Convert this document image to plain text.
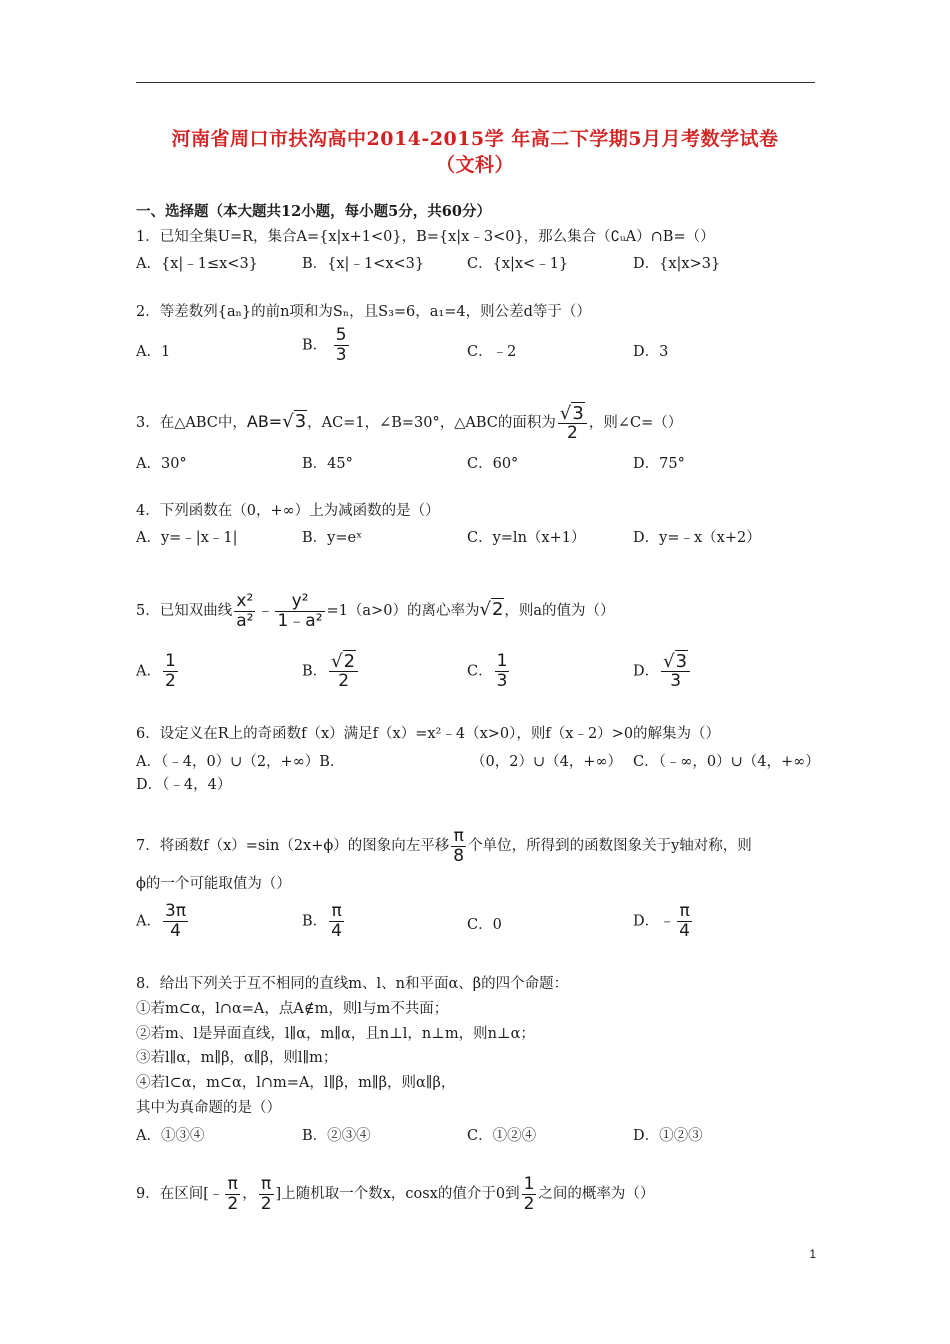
河南省周口市扶沟高中2014-2015学 年高二下学期5月月考数学试卷
（文科）
一、选择题（本大题共12小题，每小题5分，共60分）
1．已知全集U=R，集合A={x|x+1<0}，B={x|x﹣3<0}，那么集合（∁ᵤA）∩B=（）
A．{x|﹣1≤x<3}	B．{x|﹣1<x<3}	C．{x|x<﹣1}	D．{x|x>3}
2．等差数列{aₙ}的前n项和为Sₙ，且S₃=6，a₁=4，则公差d等于（）
A．1	B． $\frac{5}{3}$	C．﹣2	D．3
3．在△ABC中，AB=√3，AC=1，∠B=30°，△ABC的面积为 $\frac{√3}{2}$ ，则∠C=（）
A．30°	B．45°	C．60°	D．75°
4．下列函数在（0，+∞）上为减函数的是（）
A．y=﹣|x﹣1|	B．y=eˣ	C．y=ln（x+1）	D．y=﹣x（x+2）
5．已知双曲线 $\frac{\text{x²}}{\text{a²}}$ ﹣ $\frac{\text{y²}}{\text{1﹣a²}} =1(a>0)$的离心率为√2，则a的值为（）
A． $\frac{1}{2}$	B． $\frac{√2}{2}$	C． $\frac{1}{3}$	D． $\frac{√3}{3}$
6．设定义在R上的奇函数f（x）满足f（x）=x²﹣4（x>0），则f（x﹣2）>0的解集为（）
A．（﹣4，0）∪（2，+∞）B．	（0，2）∪（4，+∞） C．（﹣∞，0）∪（4，+∞）
D．（﹣4，4）
7．将函数f（x）=sin（2x+ϕ）的图象向左平移 $\frac{\pi}{8}$ 个单位，所得到的函数图象关于y轴对称，则
ϕ的一个可能取值为（）
A． $\frac{3\pi}{4}$	B． $\frac{\pi}{4}$	C．0	D．﹣ $\frac{\pi}{4}$
8．给出下列关于互不相同的直线m、l、n和平面α、β的四个命题：
①若m⊂α，l∩α=A，点A∉m，则l与m不共面；
②若m、l是异面直线，l∥α，m∥α，且n⊥l，n⊥m，则n⊥α；
③若l∥α，m∥β，α∥β，则l∥m；
④若l⊂α，m⊂α，l∩m=A，l∥β，m∥β，则α∥β，
其中为真命题的是（）
A．①③④	B．②③④	C．①②④	D．①②③
9．在区间[﹣ $\frac{\pi}{2}$ ， $\frac{\pi}{2}$ ]上随机取一个数x，cosx的值介于0到 $\frac{1}{2}$ 之间的概率为（）
1
